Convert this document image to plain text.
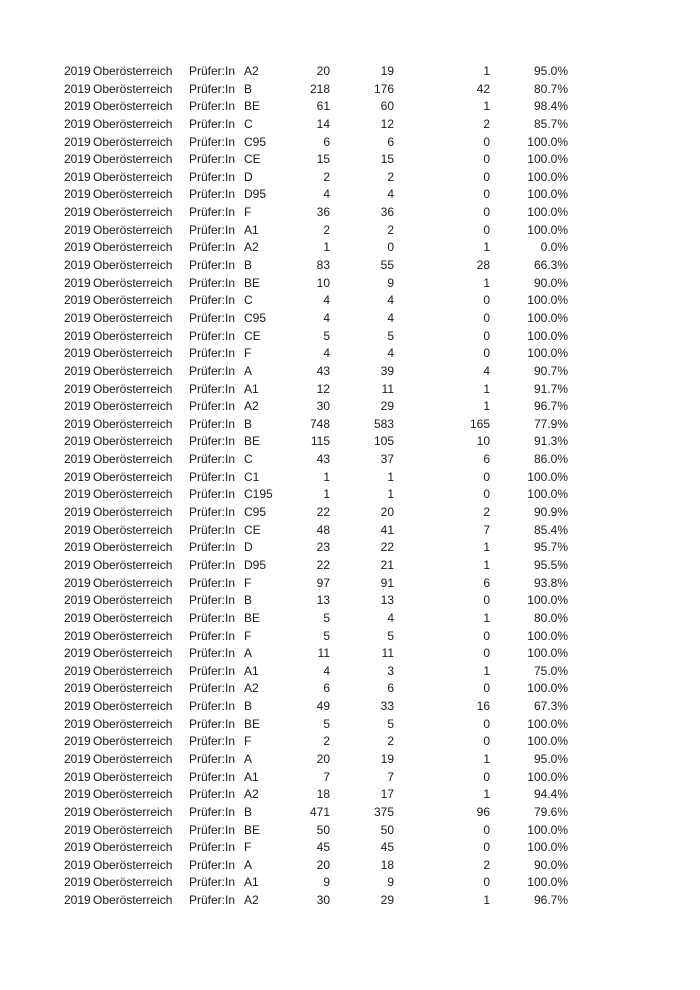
2019 Oberösterreich	Prüfer:In A2	20	19	1	95.0%
2019 Oberösterreich	Prüfer:In B	218	176	42	80.7%
2019 Oberösterreich	Prüfer:In BE	61	60	1	98.4%
2019 Oberösterreich	Prüfer:In C	14	12	2	85.7%
2019 Oberösterreich	Prüfer:In C95	6	6	0	100.0%
2019 Oberösterreich	Prüfer:In CE	15	15	0	100.0%
2019 Oberösterreich	Prüfer:In D	2	2	0	100.0%
2019 Oberösterreich	Prüfer:In D95	4	4	0	100.0%
2019 Oberösterreich	Prüfer:In F	36	36	0	100.0%
2019 Oberösterreich	Prüfer:In A1	2	2	0	100.0%
2019 Oberösterreich	Prüfer:In A2	1	0	1	0.0%
2019 Oberösterreich	Prüfer:In B	83	55	28	66.3%
2019 Oberösterreich	Prüfer:In BE	10	9	1	90.0%
2019 Oberösterreich	Prüfer:In C	4	4	0	100.0%
2019 Oberösterreich	Prüfer:In C95	4	4	0	100.0%
2019 Oberösterreich	Prüfer:In CE	5	5	0	100.0%
2019 Oberösterreich	Prüfer:In F	4	4	0	100.0%
2019 Oberösterreich	Prüfer:In A	43	39	4	90.7%
2019 Oberösterreich	Prüfer:In A1	12	11	1	91.7%
2019 Oberösterreich	Prüfer:In A2	30	29	1	96.7%
2019 Oberösterreich	Prüfer:In B	748	583	165	77.9%
2019 Oberösterreich	Prüfer:In BE	115	105	10	91.3%
2019 Oberösterreich	Prüfer:In C	43	37	6	86.0%
2019 Oberösterreich	Prüfer:In C1	1	1	0	100.0%
2019 Oberösterreich	Prüfer:In C195	1	1	0	100.0%
2019 Oberösterreich	Prüfer:In C95	22	20	2	90.9%
2019 Oberösterreich	Prüfer:In CE	48	41	7	85.4%
2019 Oberösterreich	Prüfer:In D	23	22	1	95.7%
2019 Oberösterreich	Prüfer:In D95	22	21	1	95.5%
2019 Oberösterreich	Prüfer:In F	97	91	6	93.8%
2019 Oberösterreich	Prüfer:In B	13	13	0	100.0%
2019 Oberösterreich	Prüfer:In BE	5	4	1	80.0%
2019 Oberösterreich	Prüfer:In F	5	5	0	100.0%
2019 Oberösterreich	Prüfer:In A	11	11	0	100.0%
2019 Oberösterreich	Prüfer:In A1	4	3	1	75.0%
2019 Oberösterreich	Prüfer:In A2	6	6	0	100.0%
2019 Oberösterreich	Prüfer:In B	49	33	16	67.3%
2019 Oberösterreich	Prüfer:In BE	5	5	0	100.0%
2019 Oberösterreich	Prüfer:In F	2	2	0	100.0%
2019 Oberösterreich	Prüfer:In A	20	19	1	95.0%
2019 Oberösterreich	Prüfer:In A1	7	7	0	100.0%
2019 Oberösterreich	Prüfer:In A2	18	17	1	94.4%
2019 Oberösterreich	Prüfer:In B	471	375	96	79.6%
2019 Oberösterreich	Prüfer:In BE	50	50	0	100.0%
2019 Oberösterreich	Prüfer:In F	45	45	0	100.0%
2019 Oberösterreich	Prüfer:In A	20	18	2	90.0%
2019 Oberösterreich	Prüfer:In A1	9	9	0	100.0%
2019 Oberösterreich	Prüfer:In A2	30	29	1	96.7%
